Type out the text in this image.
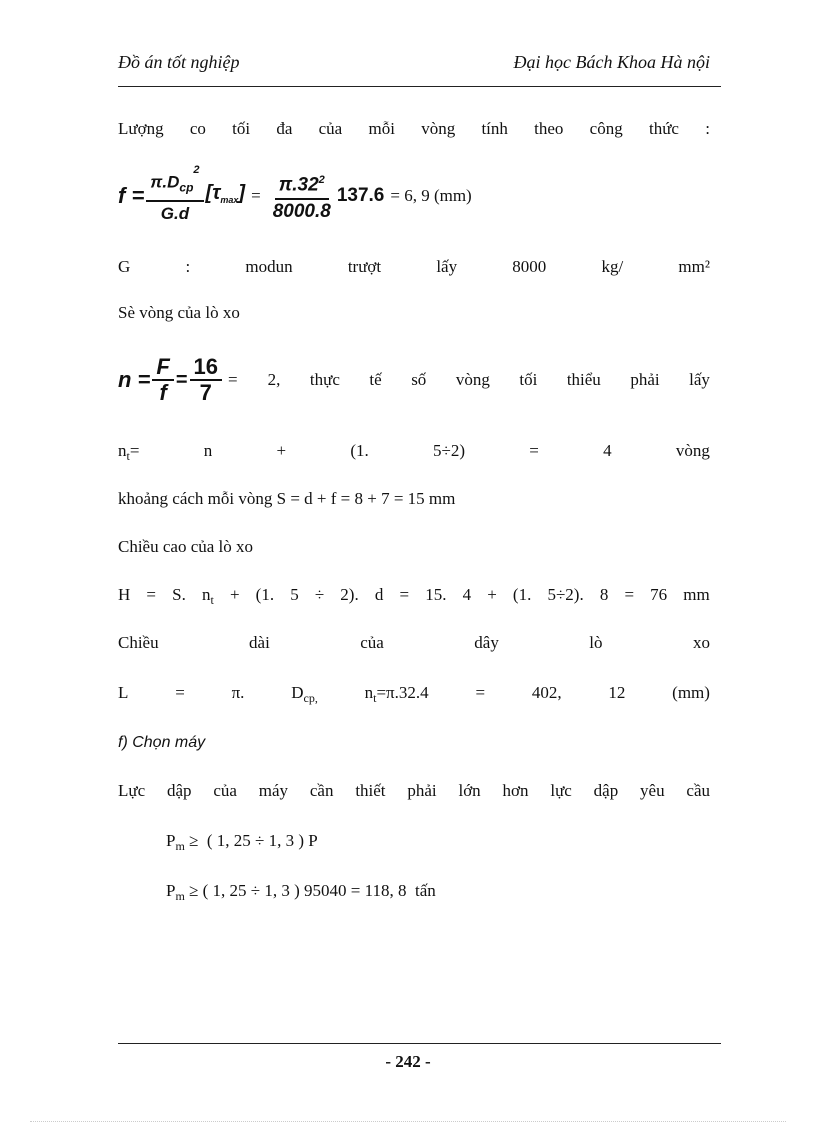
Đồ án tốt nghiệp	Đại học Bách Khoa Hà nội
Lượng co tối đa của mỗi vòng tính theo công thức :
$f = \frac{\pi.D_{cp}^2}{G.d} [\tau_{max}] = \frac{\pi.32^2}{8000.8} 137.6 = 6$, 9 (mm)
G	:	modun	trượt	lấy	8000	kg/	mm²
Sè vòng của lò xo
$n = \frac{F}{f} = \frac{16}{7} = 2$, thực tế số vòng tối thiểu phải lấy
$n_t=$	n	+	(1.	5÷2)	=	4	vòng
khoảng cách mỗi vòng S = d + f = 8 + 7 = 15 mm
Chiều cao của lò xo
H = S. $n_t + (1$. 5 ÷ 2). d = 15. 4 + (1. 5÷2). 8 = 76 mm
Chiều	dài	của	dây	lò	xo
L	=	π.	$D_{cp,}$	$n_t=\pi.32.4$	=	402,	12	(mm)
f) Chọn máy
Lực dập của máy cần thiết phải lớn hơn lực dập yêu cầu
$P_m$ ≥  ( 1, 25 ÷ 1, 3 ) P
$P_m$ ≥ ( 1, 25 ÷ 1, 3 ) 95040 = 118, 8  tấn
- 242 -
